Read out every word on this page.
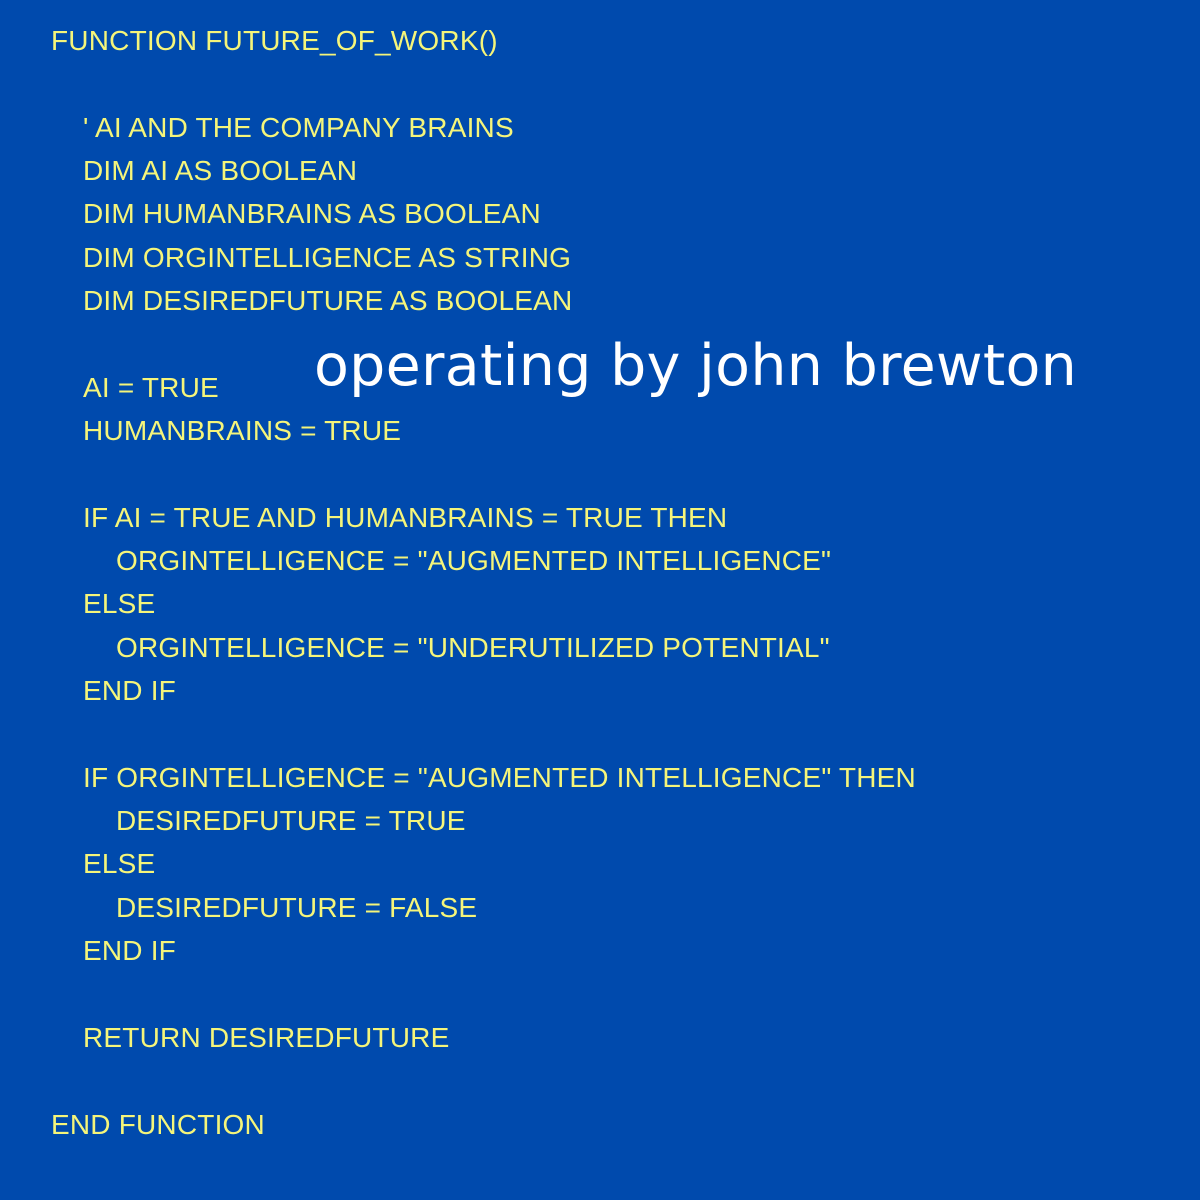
FUNCTION FUTURE_OF_WORK()
' AI AND THE COMPANY BRAINS
DIM AI AS BOOLEAN
DIM HUMANBRAINS AS BOOLEAN
DIM ORGINTELLIGENCE AS STRING
DIM DESIREDFUTURE AS BOOLEAN
AI = TRUE
HUMANBRAINS = TRUE
IF AI = TRUE AND HUMANBRAINS = TRUE THEN
ORGINTELLIGENCE = "AUGMENTED INTELLIGENCE"
ELSE
ORGINTELLIGENCE = "UNDERUTILIZED POTENTIAL"
END IF
IF ORGINTELLIGENCE = "AUGMENTED INTELLIGENCE" THEN
DESIREDFUTURE = TRUE
ELSE
DESIREDFUTURE = FALSE
END IF
RETURN DESIREDFUTURE
END FUNCTION
operating by john brewton
